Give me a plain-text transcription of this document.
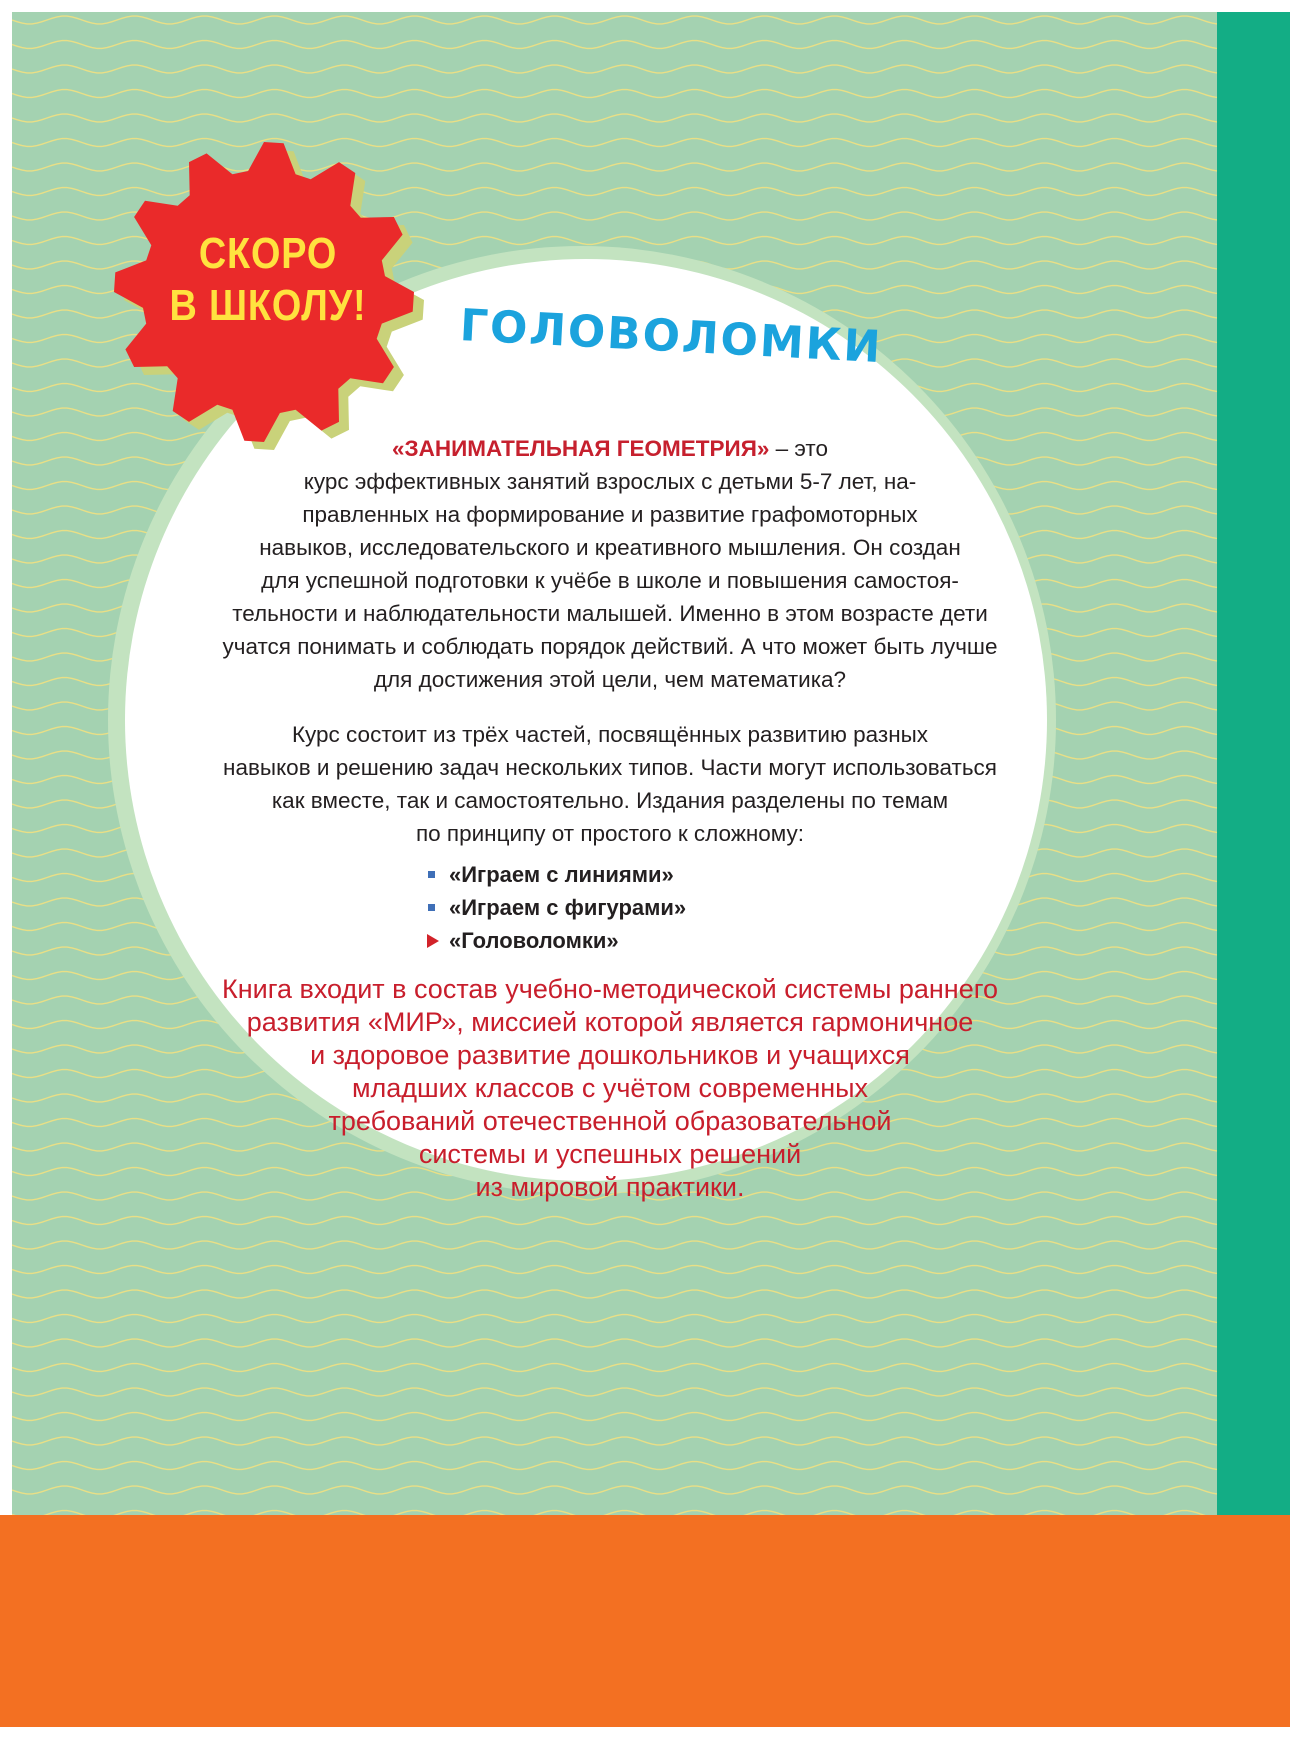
СКОРО
В ШКОЛУ!	ГОЛОВОЛОМКИ

«ЗАНИМАТЕЛЬНАЯ ГЕОМЕТРИЯ» – это

курс эффективных занятий взрослых с детьми 5-7 лет, на-

правленных на формирование и развитие графомоторных

навыков, исследовательского и креативного мышления. Он создан

для успешной подготовки к учёбе в школе и повышения самостоя-

тельности и наблюдательности малышей. Именно в этом возрасте дети

учатся понимать и соблюдать порядок действий. А что может быть лучше

для достижения этой цели, чем математика?

Курс состоит из трёх частей, посвящённых развитию разных

навыков и решению задач нескольких типов. Части могут использоваться

как вместе, так и самостоятельно. Издания разделены по темам

по принципу от простого к сложному:

«Играем с линиями»
«Играем с фигурами»
«Головоломки»

Книга входит в состав учебно-методической системы раннего

развития «МИР», миссией которой является гармоничное

и здоровое развитие дошкольников и учащихся

младших классов с учётом современных

требований отечественной образовательной

системы и успешных решений

из мировой практики.
